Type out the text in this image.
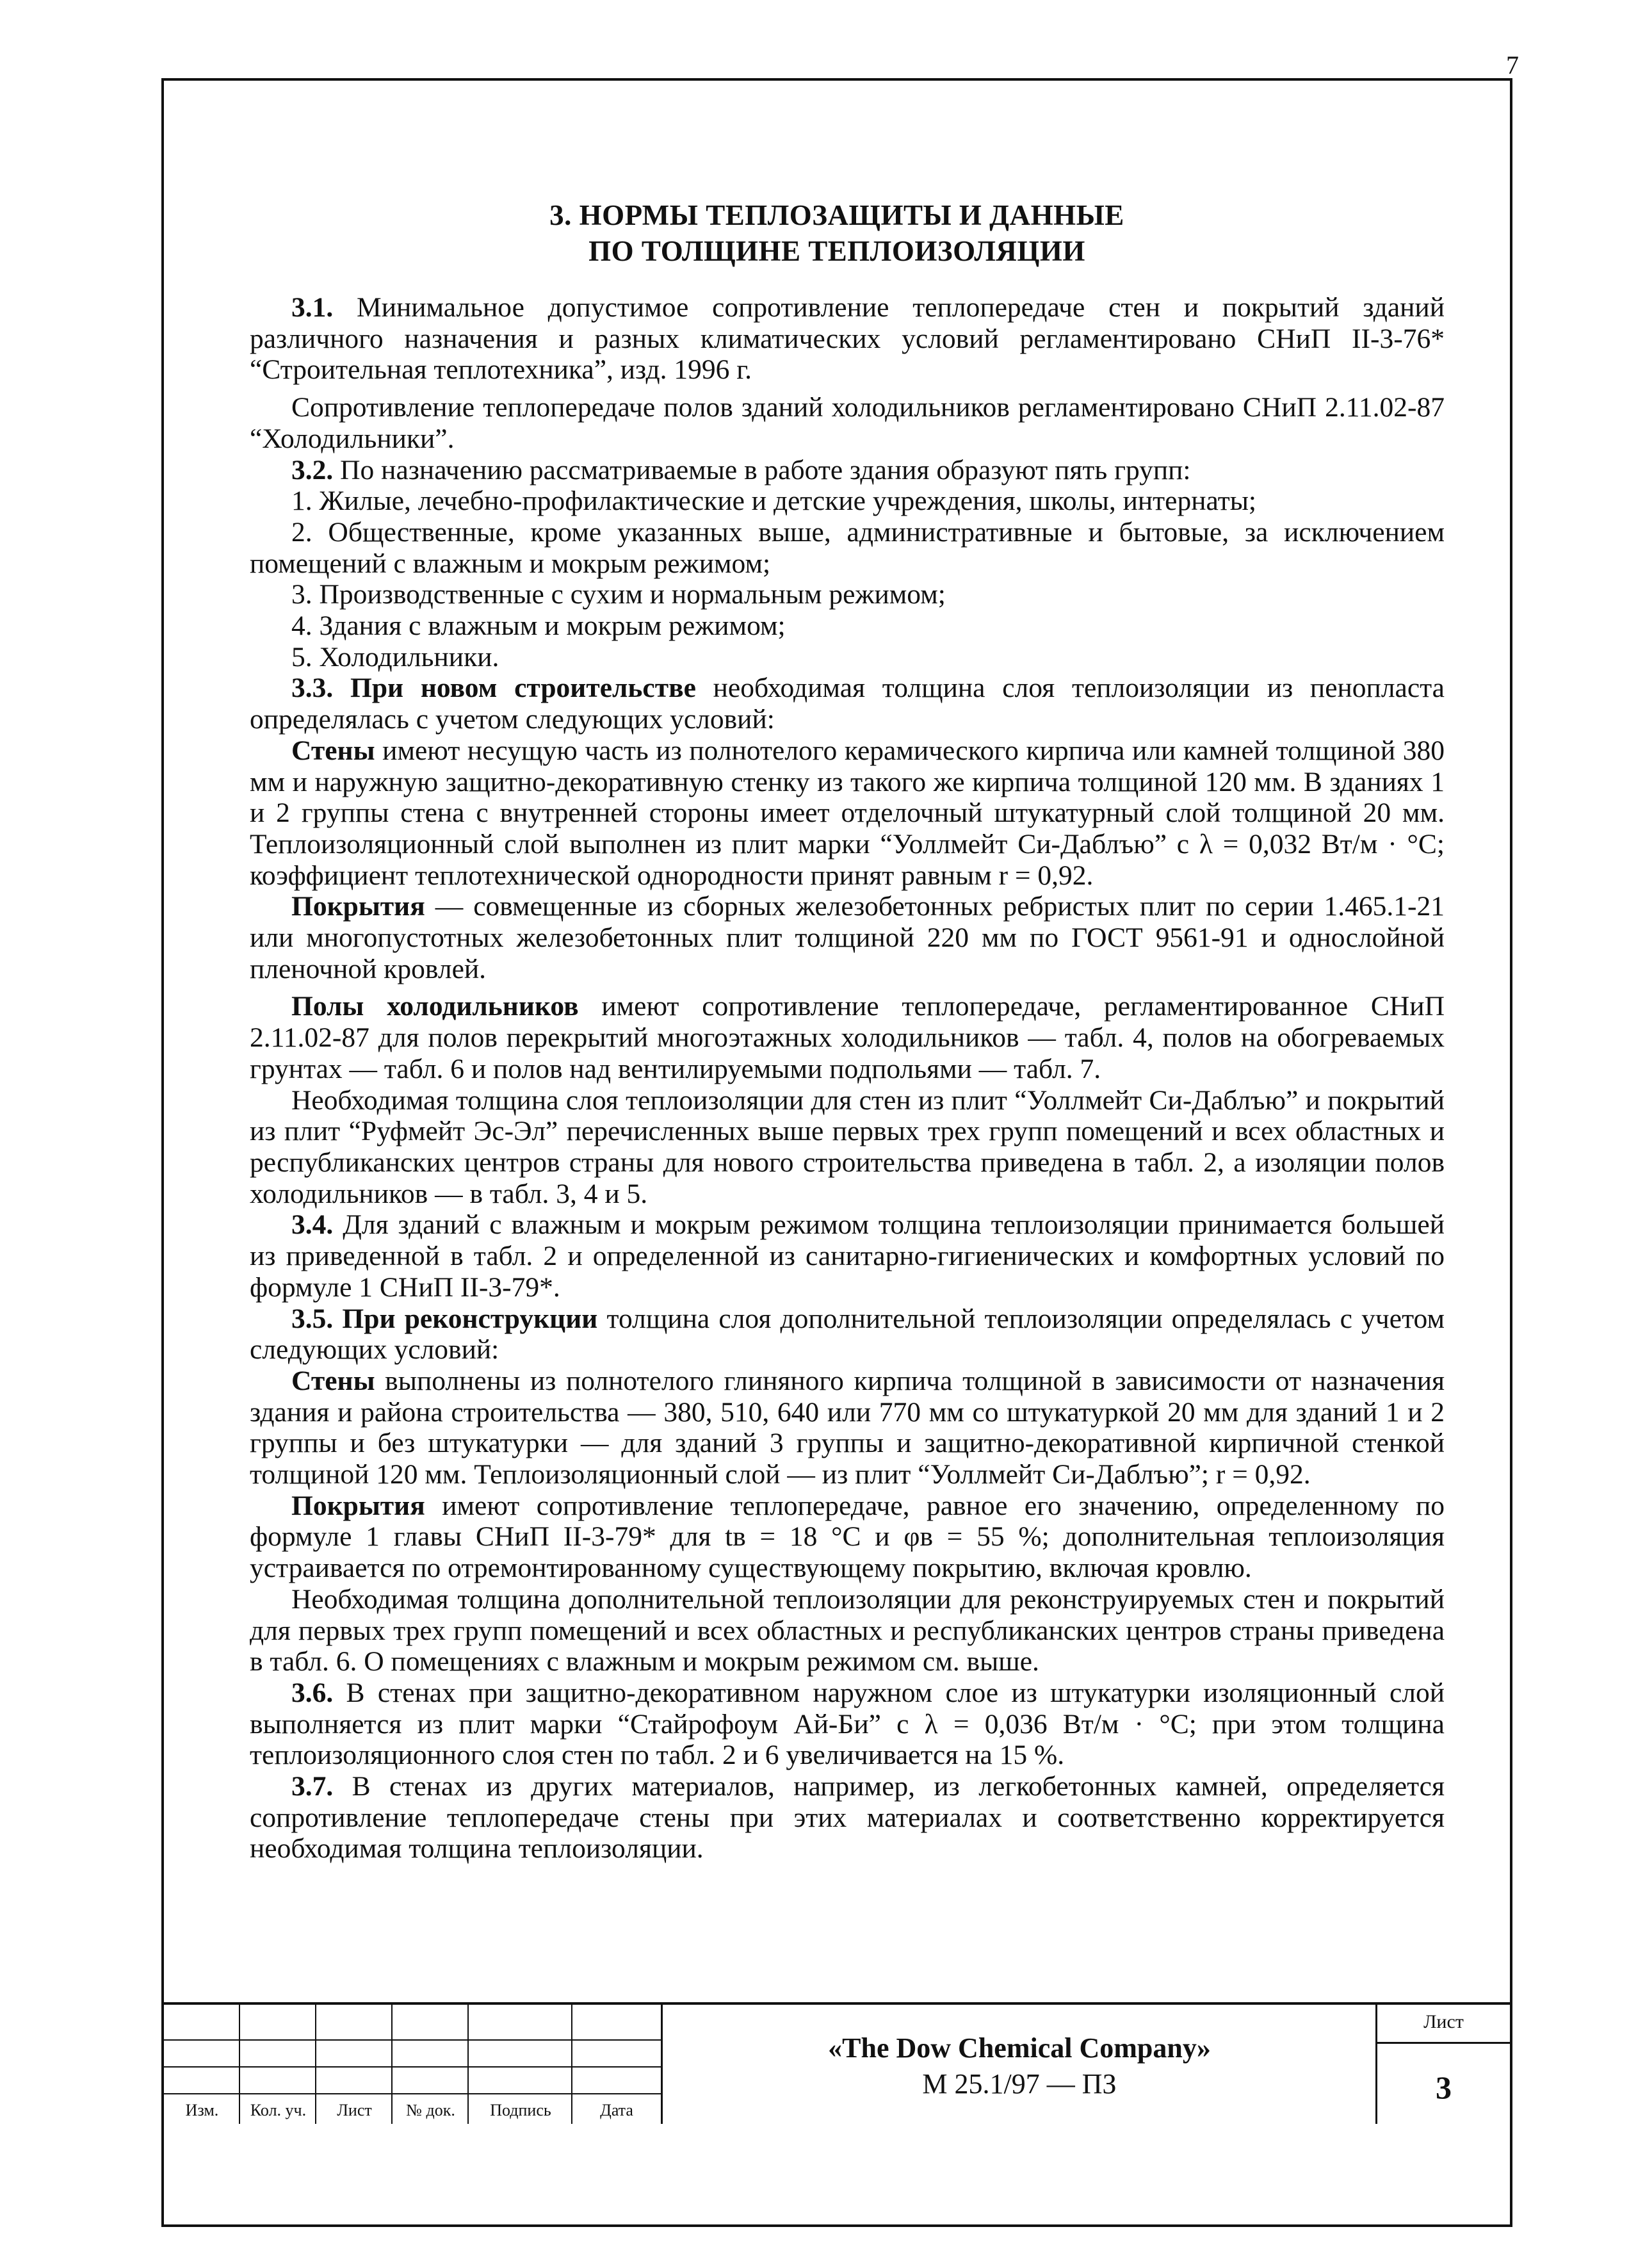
7
3. НОРМЫ ТЕПЛОЗАЩИТЫ И ДАННЫЕ
ПО ТОЛЩИНЕ ТЕПЛОИЗОЛЯЦИИ

3.1. Минимальное допустимое сопротивление теплопередаче стен и покрытий зданий различного назначения и разных климатических условий регламентировано СНиП II-3-76* “Строительная теплотехника”, изд. 1996 г.

Сопротивление теплопередаче полов зданий холодильников регламентировано СНиП 2.11.02-87 “Холодильники”.

3.2. По назначению рассматриваемые в работе здания образуют пять групп:

1. Жилые, лечебно-профилактические и детские учреждения, школы, интернаты;

2. Общественные, кроме указанных выше, административные и бытовые, за исключением помещений с влажным и мокрым режимом;

3. Производственные с сухим и нормальным режимом;

4. Здания с влажным и мокрым режимом;

5. Холодильники.

3.3. При новом строительстве необходимая толщина слоя теплоизоляции из пенопласта определялась с учетом следующих условий:

Стены имеют несущую часть из полнотелого керамического кирпича или камней толщиной 380 мм и наружную защитно-декоративную стенку из такого же кирпича толщиной 120 мм. В зданиях 1 и 2 группы стена с внутренней стороны имеет отделочный штукатурный слой толщиной 20 мм. Теплоизоляционный слой выполнен из плит марки “Уоллмейт Си-Даблъю” с λ = 0,032 Вт/м · °С; коэффициент теплотехнической однородности принят равным r = 0,92.

Покрытия — совмещенные из сборных железобетонных ребристых плит по серии 1.465.1-21 или многопустотных железобетонных плит толщиной 220 мм по ГОСТ 9561-91 и однослойной пленочной кровлей.

Полы холодильников имеют сопротивление теплопередаче, регламентированное СНиП 2.11.02-87 для полов перекрытий многоэтажных холодильников — табл. 4, полов на обогреваемых грунтах — табл. 6 и полов над вентилируемыми подпольями — табл. 7.

Необходимая толщина слоя теплоизоляции для стен из плит “Уоллмейт Си-Даблъю” и покрытий из плит “Руфмейт Эс-Эл” перечисленных выше первых трех групп помещений и всех областных и республиканских центров страны для нового строительства приведена в табл. 2, а изоляции полов холодильников — в табл. 3, 4 и 5.

3.4. Для зданий с влажным и мокрым режимом толщина теплоизоляции принимается большей из приведенной в табл. 2 и определенной из санитарно-гигиенических и комфортных условий по формуле 1 СНиП II-3-79*.

3.5. При реконструкции толщина слоя дополнительной теплоизоляции определялась с учетом следующих условий:

Стены выполнены из полнотелого глиняного кирпича толщиной в зависимости от назначения здания и района строительства — 380, 510, 640 или 770 мм со штукатуркой 20 мм для зданий 1 и 2 группы и без штукатурки — для зданий 3 группы и защитно-декоративной кирпичной стенкой толщиной 120 мм. Теплоизоляционный слой — из плит “Уоллмейт Си-Даблъю”; r = 0,92.

Покрытия имеют сопротивление теплопередаче, равное его значению, определенному по формуле 1 главы СНиП II-3-79* для tв = 18 °С и φв = 55 %; дополнительная теплоизоляция устраивается по отремонтированному существующему покрытию, включая кровлю.

Необходимая толщина дополнительной теплоизоляции для реконструируемых стен и покрытий для первых трех групп помещений и всех областных и республиканских центров страны приведена в табл. 6. О помещениях с влажным и мокрым режимом см. выше.

3.6. В стенах при защитно-декоративном наружном слое из штукатурки изоляционный слой выполняется из плит марки “Стайрофоум Ай-Би” с λ = 0,036 Вт/м · °С; при этом толщина теплоизоляционного слоя стен по табл. 2 и 6 увеличивается на 15 %.

3.7. В стенах из других материалов, например, из легкобетонных камней, определяется сопротивление теплопередаче стены при этих материалах и соответственно корректируется необходимая толщина теплоизоляции.

Изм.	Кол. уч.	Лист	№ док.	Подпись	Дата
«The Dow Chemical Company»
М 25.1/97 — ПЗ
Лист
3
